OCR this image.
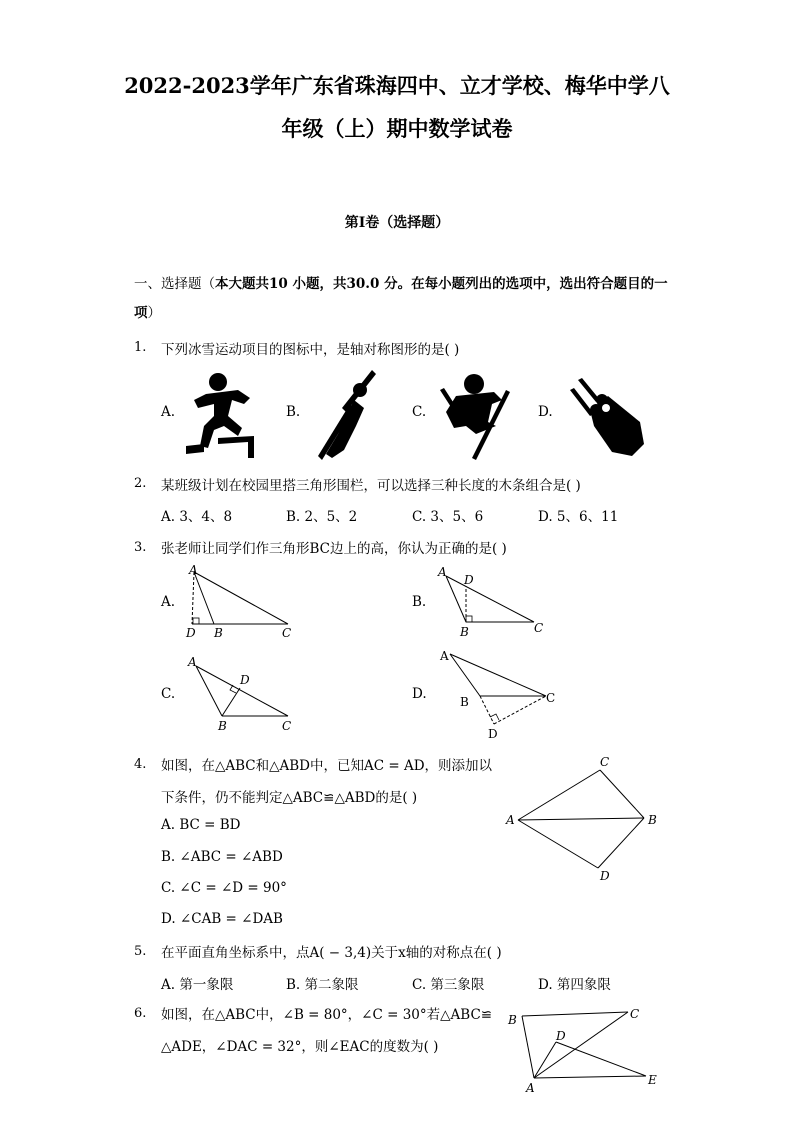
2022-2023学年广东省珠海四中、立才学校、梅华中学八
年级（上）期中数学试卷
第I卷（选择题）
一、选择题（本大题共10 小题，共30.0 分。在每小题列出的选项中，选出符合题目的一项）
1. 下列冰雪运动项目的图标中，是轴对称图形的是( )
A.	B.	C.	D.
2. 某班级计划在校园里搭三角形围栏，可以选择三种长度的木条组合是( )
A. 3、4、8	B. 2、5、2	C. 3、5、6	D. 5、6、11
3. 张老师让同学们作三角形BC边上的高，你认为正确的是( )
A.	B.
C.	D.
A
D B	C
A
D
B	C
A
D
B	C
A
B	C
D
4. 如图，在△ABC和△ABD中，已知AC = AD，则添加以
下条件，仍不能判定△ABC≌△ABD的是( )
A. BC = BD
B. ∠ABC = ∠ABD
C. ∠C = ∠D = 90°
D. ∠CAB = ∠DAB
C
A	B
D
5. 在平面直角坐标系中，点A( − 3,4)关于x轴的对称点在( )
A. 第一象限	B. 第二象限	C. 第三象限	D. 第四象限
6. 如图，在△ABC中，∠B = 80°，∠C = 30°若△ABC≌
△ADE，∠DAC = 32°，则∠EAC的度数为( )
B	C
D
A
E
